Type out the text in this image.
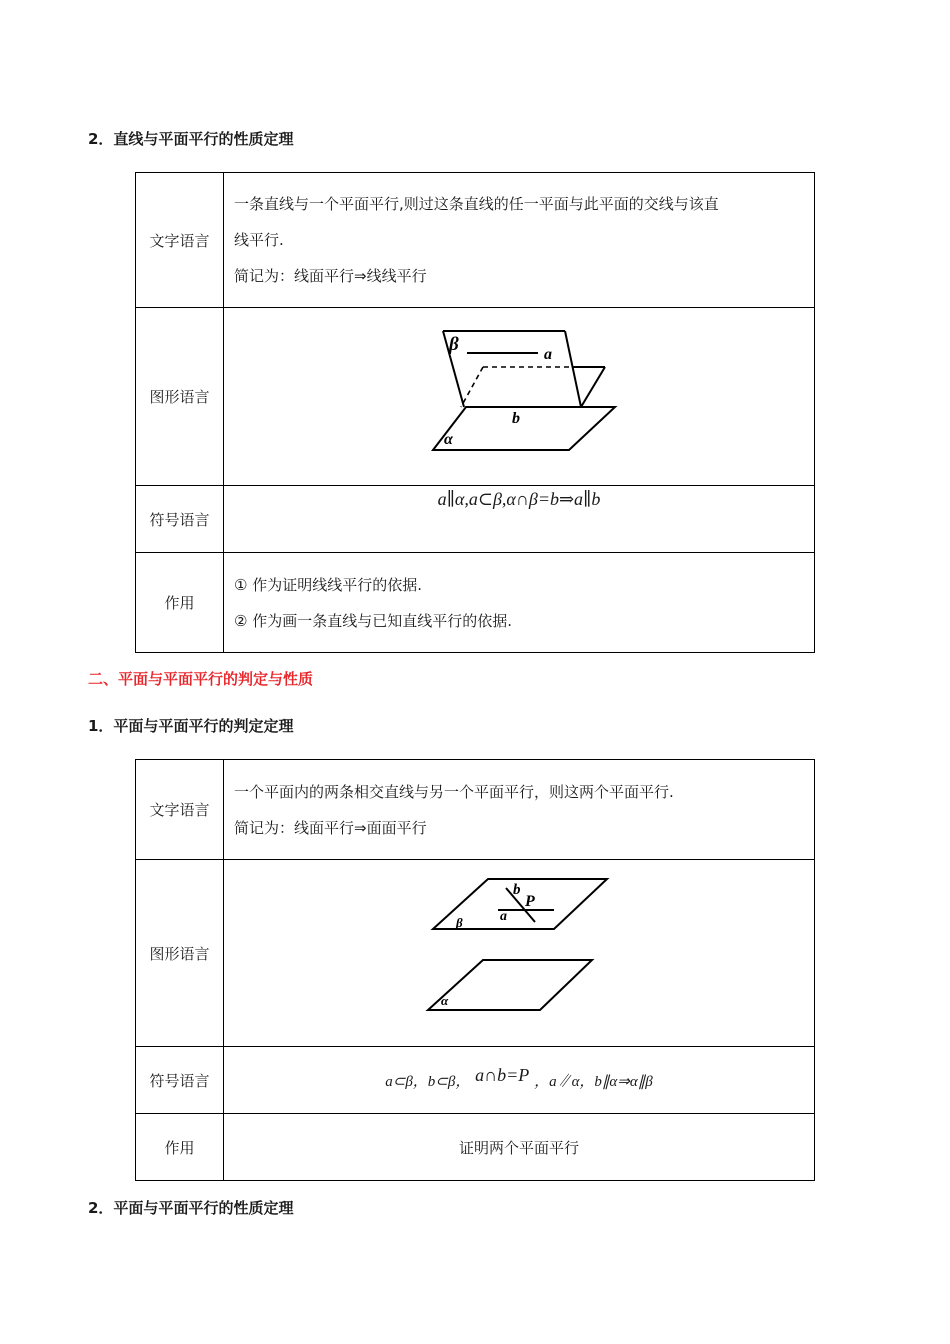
2．直线与平面平行的性质定理
文字语言	一条直线与一个平面平行,则过这条直线的任一平面与此平面的交线与该直
线平行.
简记为：线面平行⇒线线平行

图形语言	β a
b
α

符号语言	a∥α,a⊂β,α∩β=b⇒a∥b

作用	① 作为证明线线平行的依据.
② 作为画一条直线与已知直线平行的依据.
二、平面与平面平行的判定与性质
1．平面与平面平行的判定定理
文字语言	一个平面内的两条相交直线与另一个平面平行，则这两个平面平行.
简记为：线面平行⇒面面平行

图形语言	b
P
a
β
α

符号语言	a⊂β，b⊂β， a∩b=P ，a∥α，b∥α⇒α∥β
作用	证明两个平面平行
2．平面与平面平行的性质定理
